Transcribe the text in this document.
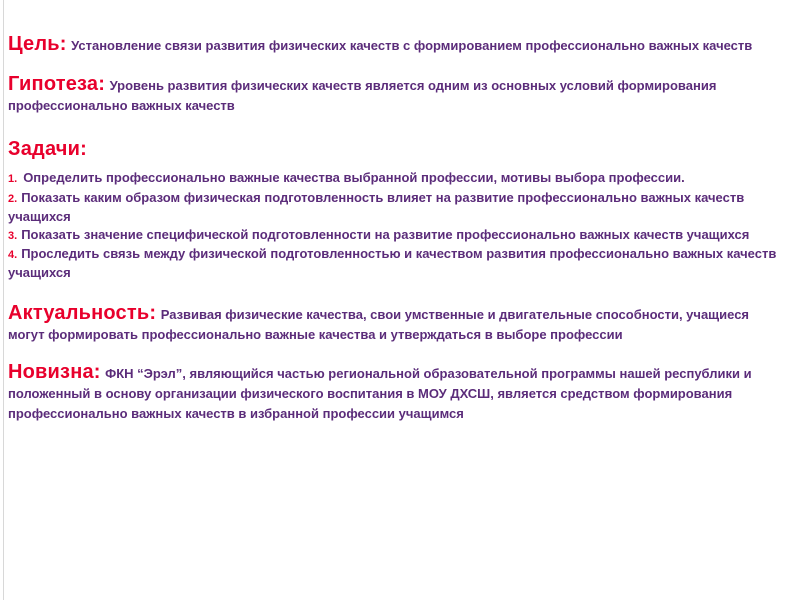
Цель: Установление связи развития физических качеств с формированием профессионально важных качеств

Гипотеза: Уровень развития физических качеств является одним из основных условий формирования профессионально важных качеств

Задачи:
1. Определить профессионально важные качества выбранной профессии, мотивы выбора профессии.
2. Показать каким образом физическая подготовленность влияет на развитие профессионально важных качеств учащихся
3. Показать значение специфической подготовленности на развитие профессионально важных качеств учащихся
4. Проследить связь между физической подготовленностью и качеством развития профессионально важных качеств учащихся

Актуальность: Развивая физические качества, свои умственные и двигательные способности, учащиеся могут формировать профессионально важные качества и утверждаться в выборе профессии

Новизна: ФКН “Эрэл”, являющийся частью региональной образовательной программы нашей республики и положенный в основу организации физического воспитания в МОУ ДХСШ, является средством формирования профессионально важных качеств в избранной профессии учащимся
